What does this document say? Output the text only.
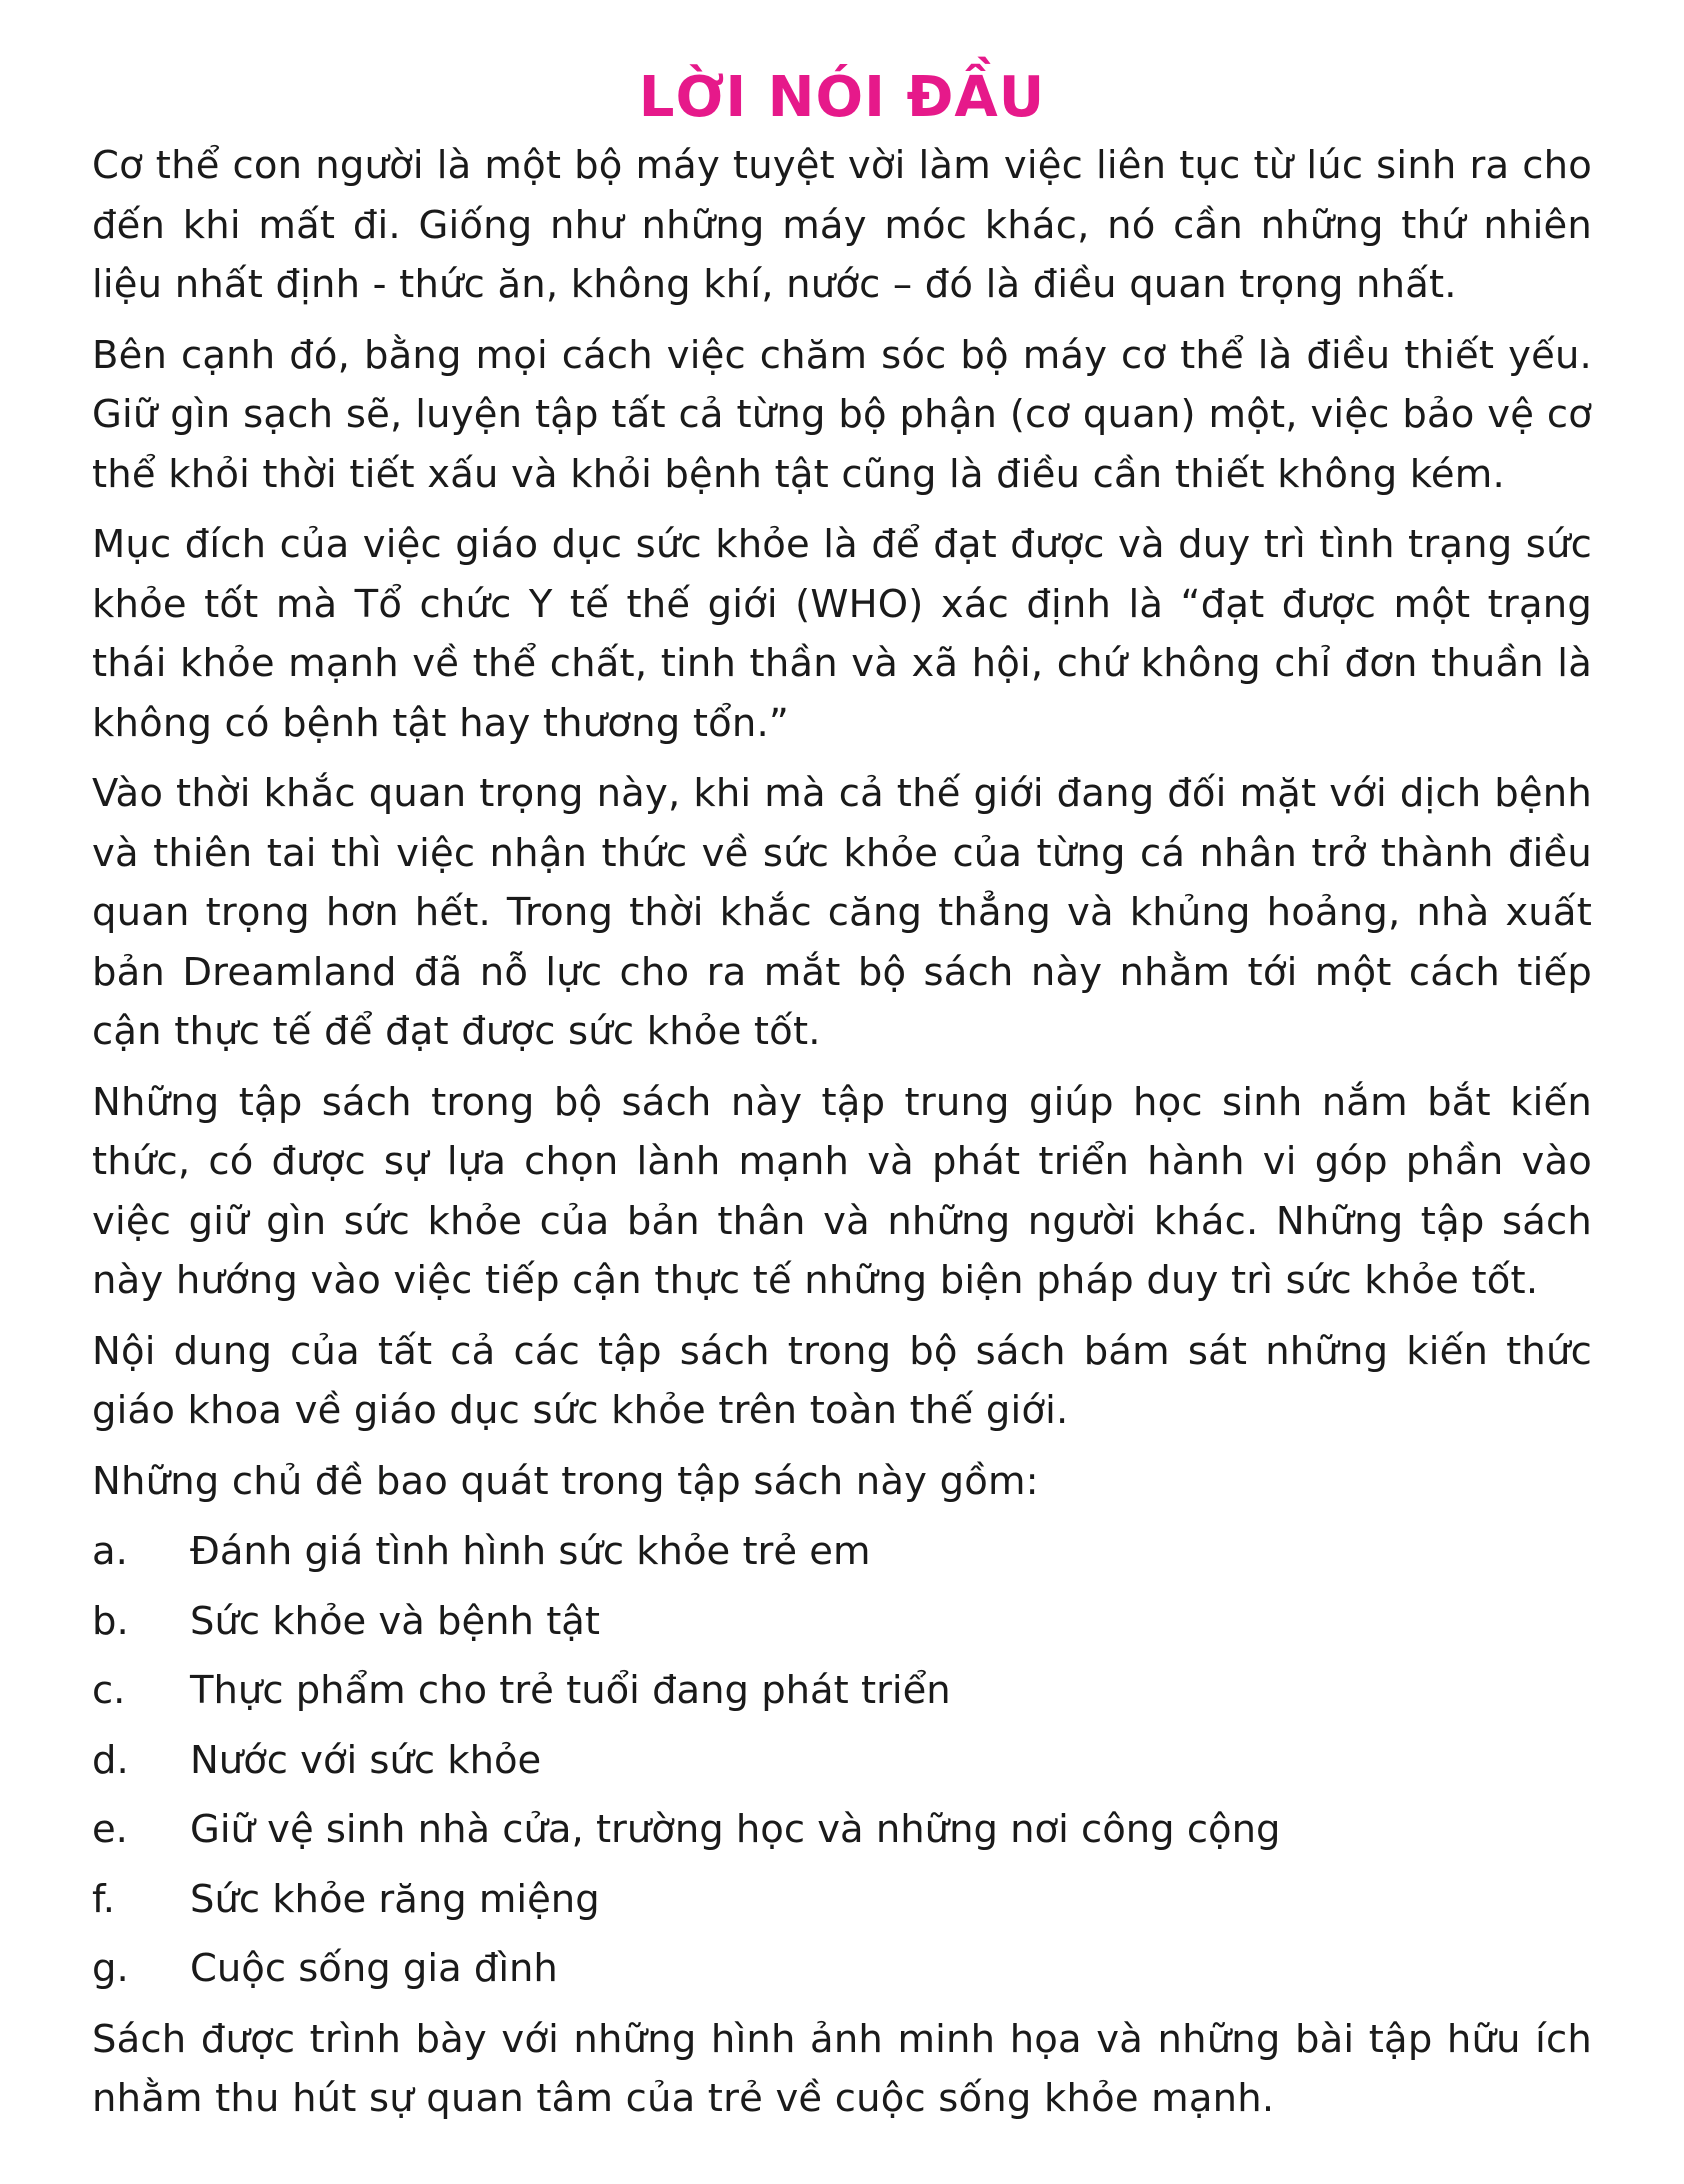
LỜI NÓI ĐẦU

Cơ thể con người là một bộ máy tuyệt vời làm việc liên tục từ lúc sinh ra cho đến khi mất đi. Giống như những máy móc khác, nó cần những thứ nhiên liệu nhất định - thức ăn, không khí, nước – đó là điều quan trọng nhất.

Bên cạnh đó, bằng mọi cách việc chăm sóc bộ máy cơ thể là điều thiết yếu. Giữ gìn sạch sẽ, luyện tập tất cả từng bộ phận (cơ quan) một, việc bảo vệ cơ thể khỏi thời tiết xấu và khỏi bệnh tật cũng là điều cần thiết không kém.

Mục đích của việc giáo dục sức khỏe là để đạt được và duy trì tình trạng sức khỏe tốt mà Tổ chức Y tế thế giới (WHO) xác định là “đạt được một trạng thái khỏe mạnh về thể chất, tinh thần và xã hội, chứ không chỉ đơn thuần là không có bệnh tật hay thương tổn.”

Vào thời khắc quan trọng này, khi mà cả thế giới đang đối mặt với dịch bệnh và thiên tai thì việc nhận thức về sức khỏe của từng cá nhân trở thành điều quan trọng hơn hết. Trong thời khắc căng thẳng và khủng hoảng, nhà xuất bản Dreamland đã nỗ lực cho ra mắt bộ sách này nhằm tới một cách tiếp cận thực tế để đạt được sức khỏe tốt.

Những tập sách trong bộ sách này tập trung giúp học sinh nắm bắt kiến thức, có được sự lựa chọn lành mạnh và phát triển hành vi góp phần vào việc giữ gìn sức khỏe của bản thân và những người khác. Những tập sách này hướng vào việc tiếp cận thực tế những biện pháp duy trì sức khỏe tốt.

Nội dung của tất cả các tập sách trong bộ sách bám sát những kiến thức giáo khoa về giáo dục sức khỏe trên toàn thế giới.

Những chủ đề bao quát trong tập sách này gồm:

a.	Đánh giá tình hình sức khỏe trẻ em
b.	Sức khỏe và bệnh tật
c.	Thực phẩm cho trẻ tuổi đang phát triển
d.	Nước với sức khỏe
e.	Giữ vệ sinh nhà cửa, trường học và những nơi công cộng
f.	Sức khỏe răng miệng
g.	Cuộc sống gia đình

Sách được trình bày với những hình ảnh minh họa và những bài tập hữu ích nhằm thu hút sự quan tâm của trẻ về cuộc sống khỏe mạnh.
